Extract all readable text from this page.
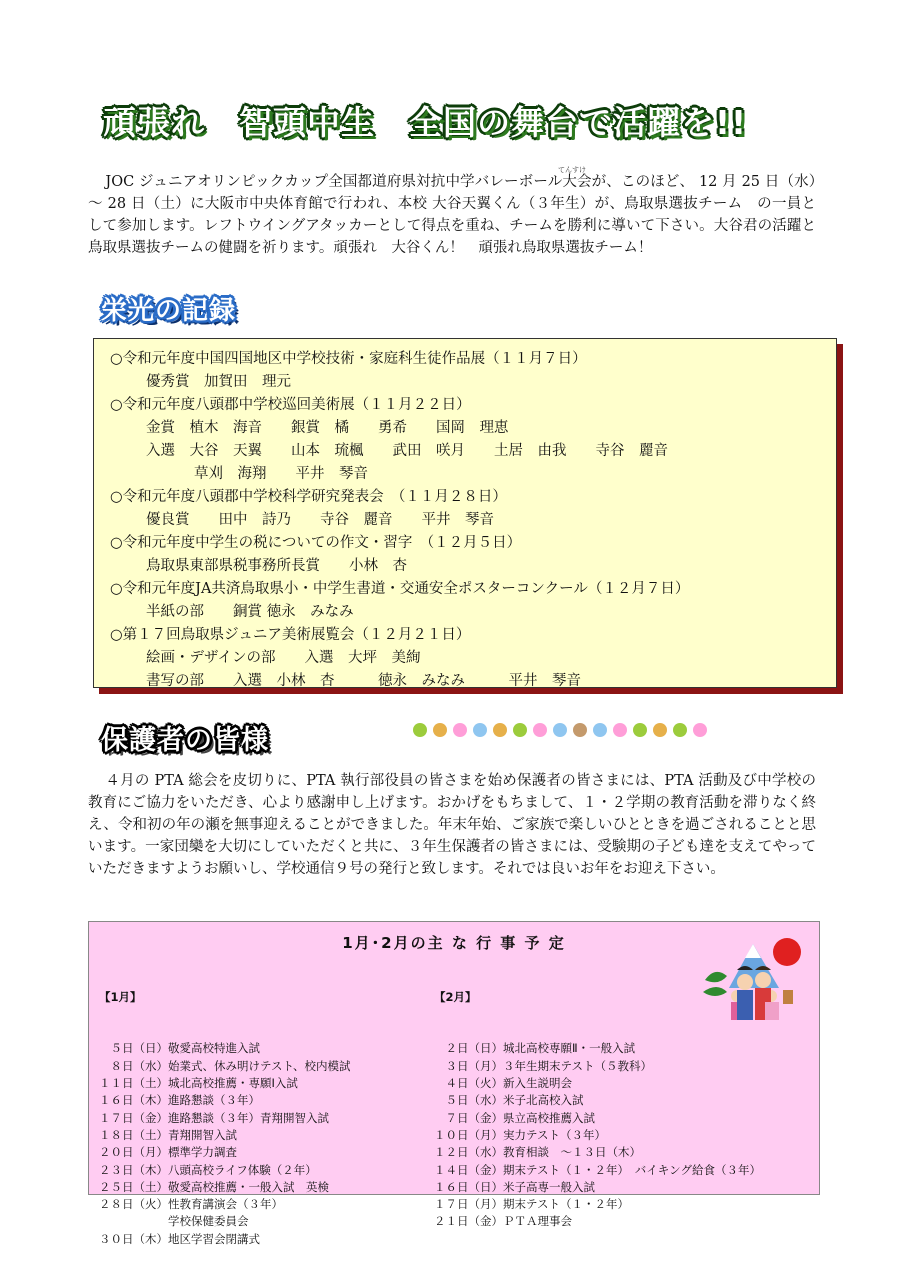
頑張れ 智頭中生 全国の舞台で活躍を!!
てんすけ
JOC ジュニアオリンピックカップ全国都道府県対抗中学バレーボール大会が、このほど、 12 月 25 日（水）～ 28 日（土）に大阪市中央体育館で行われ、本校 大谷天翼くん（３年生）が、鳥取県選抜チーム　の一員として参加します。レフトウイングアタッカーとして得点を重ね、チームを勝利に導いて下さい。大谷君の活躍と鳥取県選抜チームの健闘を祈ります。頑張れ　大谷くん！　頑張れ鳥取県選抜チーム！
栄光の記録
○令和元年度中国四国地区中学校技術・家庭科生徒作品展（１１月７日）
優秀賞　加賀田　理元
○令和元年度八頭郡中学校巡回美術展（１１月２２日）
金賞　植木　海音　　銀賞　橘　　勇希　　国岡　理恵
入選　大谷　天翼　　山本　琉楓　　武田　咲月　　土居　由我　　寺谷　麗音
草刈　海翔　　平井　琴音
○令和元年度八頭郡中学校科学研究発表会　（１１月２８日）
優良賞　　田中　詩乃　　寺谷　麗音　　平井　琴音
○令和元年度中学生の税についての作文・習字　（１２月５日）
鳥取県東部県税事務所長賞　　小林　杏
○令和元年度JA共済鳥取県小・中学生書道・交通安全ポスターコンクール（１２月７日）
半紙の部　　銅賞 徳永　みなみ
○第１７回鳥取県ジュニア美術展覧会（１２月２１日）
絵画・デザインの部　　入選　大坪　美絢
書写の部　　入選　小林　杏　　　徳永　みなみ　　　平井　琴音
保護者の皆様
４月の PTA 総会を皮切りに、PTA 執行部役員の皆さまを始め保護者の皆さまには、PTA 活動及び中学校の教育にご協力をいただき、心より感謝申し上げます。おかげをもちまして、１・２学期の教育活動を滞りなく終え、令和初の年の瀬を無事迎えることができました。年末年始、ご家族で楽しいひとときを過ごされることと思います。一家団欒を大切にしていただくと共に、３年生保護者の皆さまには、受験期の子ども達を支えてやっていただきますようお願いし、学校通信９号の発行と致します。それでは良いお年をお迎え下さい。
1月･2月の主 な 行 事 予 定

【1月】

　５日（日）敬愛高校特進入試
　８日（水）始業式、休み明けテスト、校内模試
１１日（土）城北高校推薦・専願Ⅰ入試
１６日（木）進路懇談（３年）
１７日（金）進路懇談（３年）青翔開智入試
１８日（土）青翔開智入試
２０日（月）標準学力調査
２３日（木）八頭高校ライフ体験（２年）
２５日（土）敬愛高校推薦・一般入試　英検
２８日（火）性教育講演会（３年）
　　　　　　学校保健委員会
３０日（木）地区学習会閉講式

【2月】

　２日（日）城北高校専願Ⅱ・一般入試
　３日（月）３年生期末テスト（５教科）
　４日（火）新入生説明会
　５日（水）米子北高校入試
　７日（金）県立高校推薦入試
１０日（月）実力テスト（３年）
１２日（水）教育相談　～１３日（木）
１４日（金）期末テスト（１・２年）　バイキング給食（３年）
１６日（日）米子高専一般入試
１７日（月）期末テスト（１・２年）
２１日（金）ＰＴＡ理事会
